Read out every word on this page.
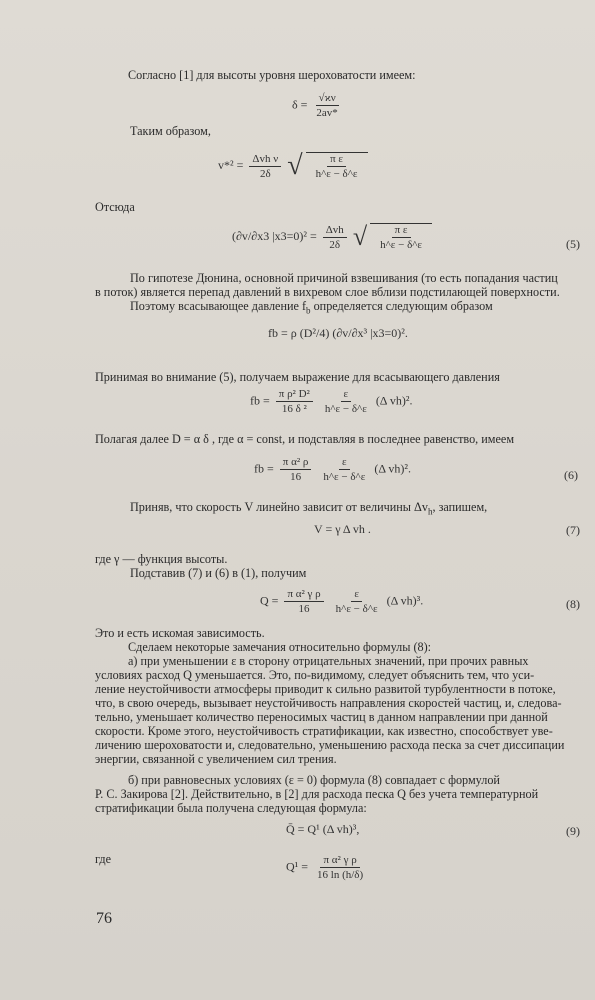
Согласно [1] для высоты уровня шероховатости имеем:
$\delta = \frac{√ϰ\nu}{2av*}$
Таким образом,
$v*^2 = \frac{\text{Δvh ν}}{2\delta}$ √ $\frac{\text{π ε}}{h\^{}\varepsilon - \delta\^{}\varepsilon}$
Отсюда
(∂v/∂x3 $|x3=0)^2 = \frac{\text{Δvh}}{2\delta}$ √ $\frac{\text{π ε}}{h\^{}\varepsilon - \delta\^{}\varepsilon}$	(5)
По гипотезе Дюнина, основной причиной взвешивания (то есть попадания частиц
в поток) является перепад давлений в вихревом слое вблизи подстилающей поверхности.
Поэтому всасывающее давление $f_b$ определяется следующим образом
fb = ρ (D²/4) (∂v/∂x³ |x3=0)².
Принимая во внимание (5), получаем выражение для всасывающего давления
fb = $\frac{\text{π ρ² D²}}{\text{16 δ ²}}$
$\frac{\varepsilon}{h\^{}\varepsilon - \delta\^{}\varepsilon} (\Delta$ vh)².
Полагая далее D = α δ , где α = const, и подставляя в последнее равенство, имеем
fb = $\frac{\text{π α² ρ}}{16}$
$\frac{\varepsilon}{h\^{}\varepsilon - \delta\^{}\varepsilon} (\Delta$ vh)².	(6)
Приняв, что скорость V линейно зависит от величины $\Delta v_h$, запишем,
V = γ Δ vh .	(7)
где γ — функция высоты.
Подставив (7) и (6) в (1), получим
$Q = \frac{\text{π α² γ ρ}}{16}$
$\frac{\varepsilon}{h\^{}\varepsilon - \delta\^{}\varepsilon} (\Delta$ vh)³.	(8)
Это и есть искомая зависимость.
Сделаем некоторые замечания относительно формулы (8):
а) при уменьшении ε в сторону отрицательных значений, при прочих равных
условиях расход Q уменьшается. Это, по-видимому, следует объяснить тем, что уси-
ление неустойчивости атмосферы приводит к сильно развитой турбулентности в потоке,
что, в свою очередь, вызывает неустойчивость направления скоростей частиц, и, следова-
тельно, уменьшает количество переносимых частиц в данном направлении при данной
скорости. Кроме этого, неустойчивость стратификации, как известно, способствует уве-
личению шероховатости и, следовательно, уменьшению расхода песка за счет диссипации
энергии, связанной с увеличением сил трения.
б) при равновесных условиях (ε = 0) формула (8) совпадает с формулой
Р. С. Закирова [2]. Действительно, в [2] для расхода песка Q без учета температурной
стратификации была получена следующая формула:
Q̄ = Q¹ (Δ vh)³,	(9)
где
$Q^1 = \frac{\text{π α² γ ρ}}{16 \ln (h/\delta)}$
76
